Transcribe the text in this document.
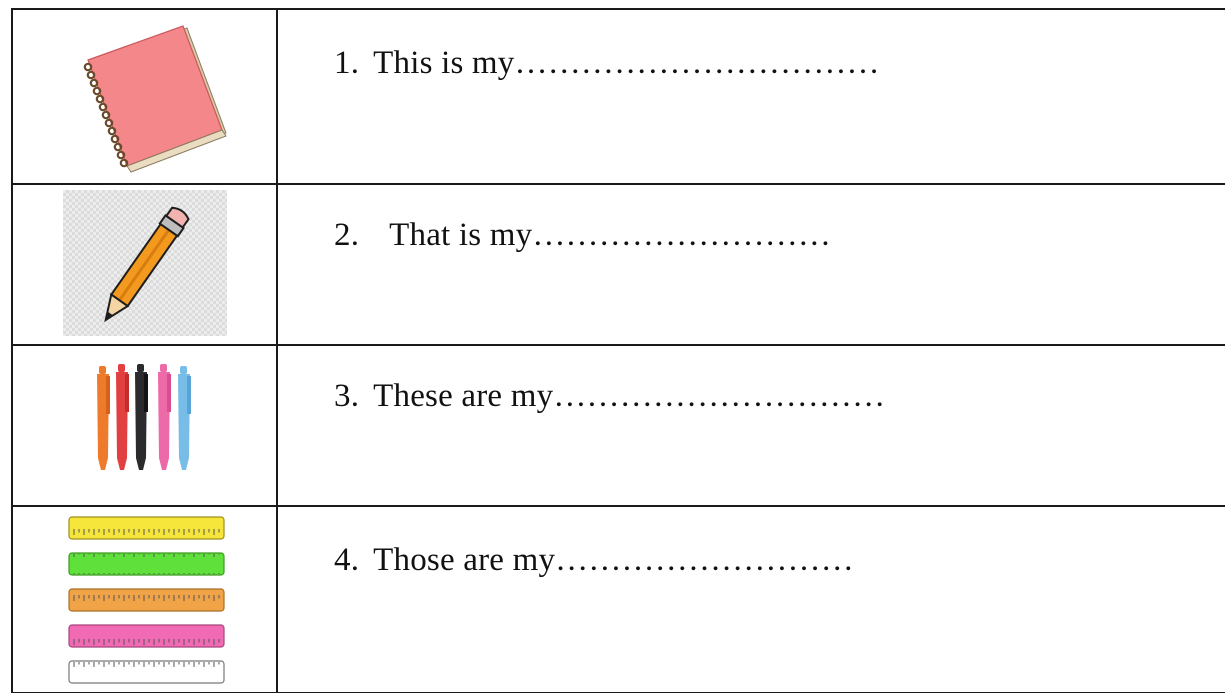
1. This is my……………………………

2. That is my………………………

3. These are my…………………………

4. Those are my………………………
